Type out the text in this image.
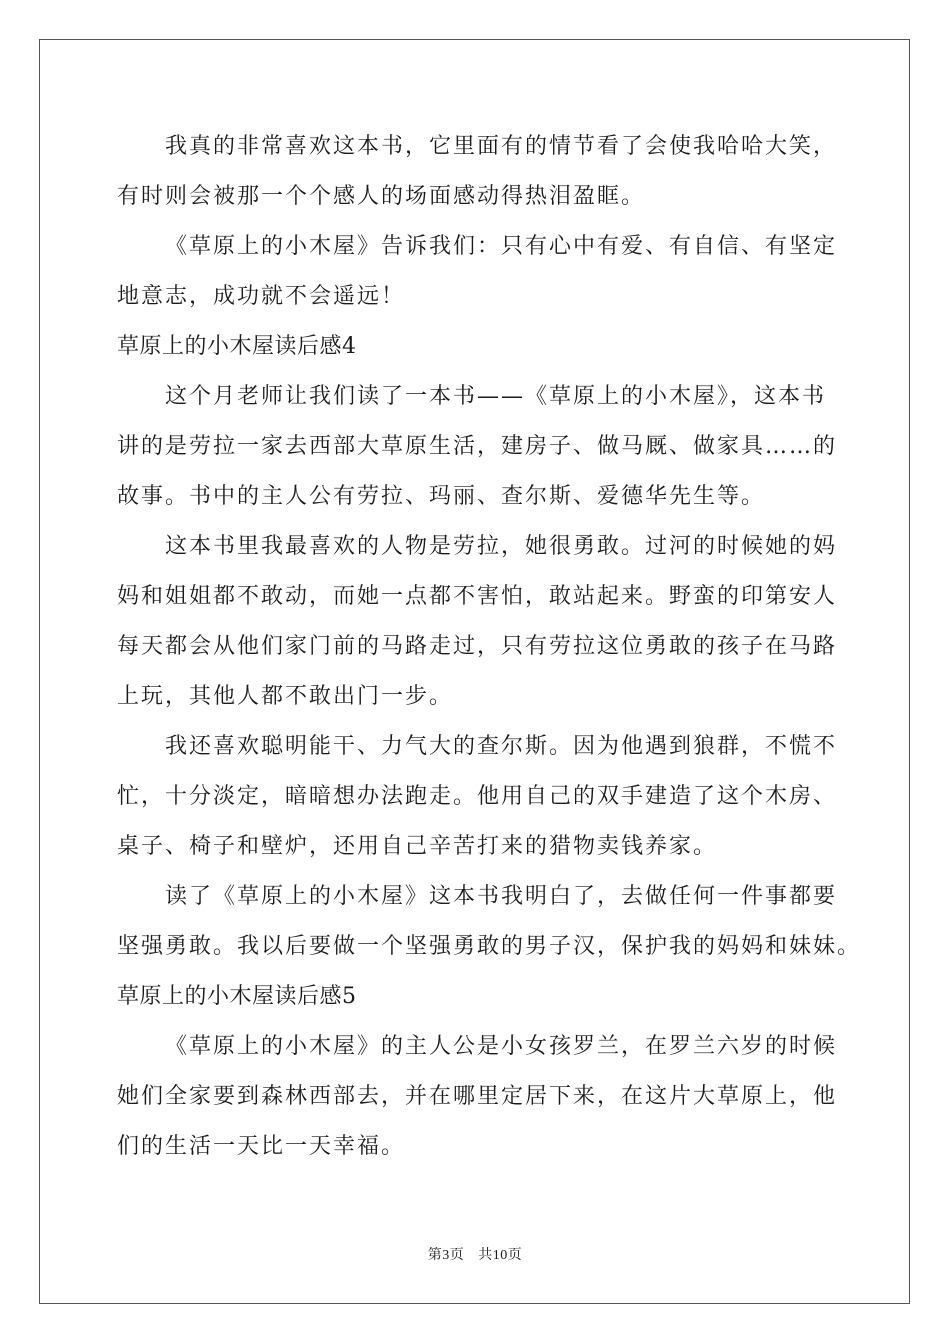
我真的非常喜欢这本书，它里面有的情节看了会使我哈哈大笑，
有时则会被那一个个感人的场面感动得热泪盈眶。

《草原上的小木屋》告诉我们：只有心中有爱、有自信、有坚定
地意志，成功就不会遥远！

草原上的小木屋读后感4

这个月老师让我们读了一本书——《草原上的小木屋》，这本书
讲的是劳拉一家去西部大草原生活，建房子、做马厩、做家具……的
故事。书中的主人公有劳拉、玛丽、查尔斯、爱德华先生等。

这本书里我最喜欢的人物是劳拉，她很勇敢。过河的时候她的妈
妈和姐姐都不敢动，而她一点都不害怕，敢站起来。野蛮的印第安人
每天都会从他们家门前的马路走过，只有劳拉这位勇敢的孩子在马路
上玩，其他人都不敢出门一步。

我还喜欢聪明能干、力气大的查尔斯。因为他遇到狼群，不慌不
忙，十分淡定，暗暗想办法跑走。他用自己的双手建造了这个木房、
桌子、椅子和壁炉，还用自己辛苦打来的猎物卖钱养家。

读了《草原上的小木屋》这本书我明白了，去做任何一件事都要
坚强勇敢。我以后要做一个坚强勇敢的男子汉，保护我的妈妈和妹妹。

草原上的小木屋读后感5

《草原上的小木屋》的主人公是小女孩罗兰，在罗兰六岁的时候
她们全家要到森林西部去，并在哪里定居下来，在这片大草原上，他
们的生活一天比一天幸福。

第3页 共10页
